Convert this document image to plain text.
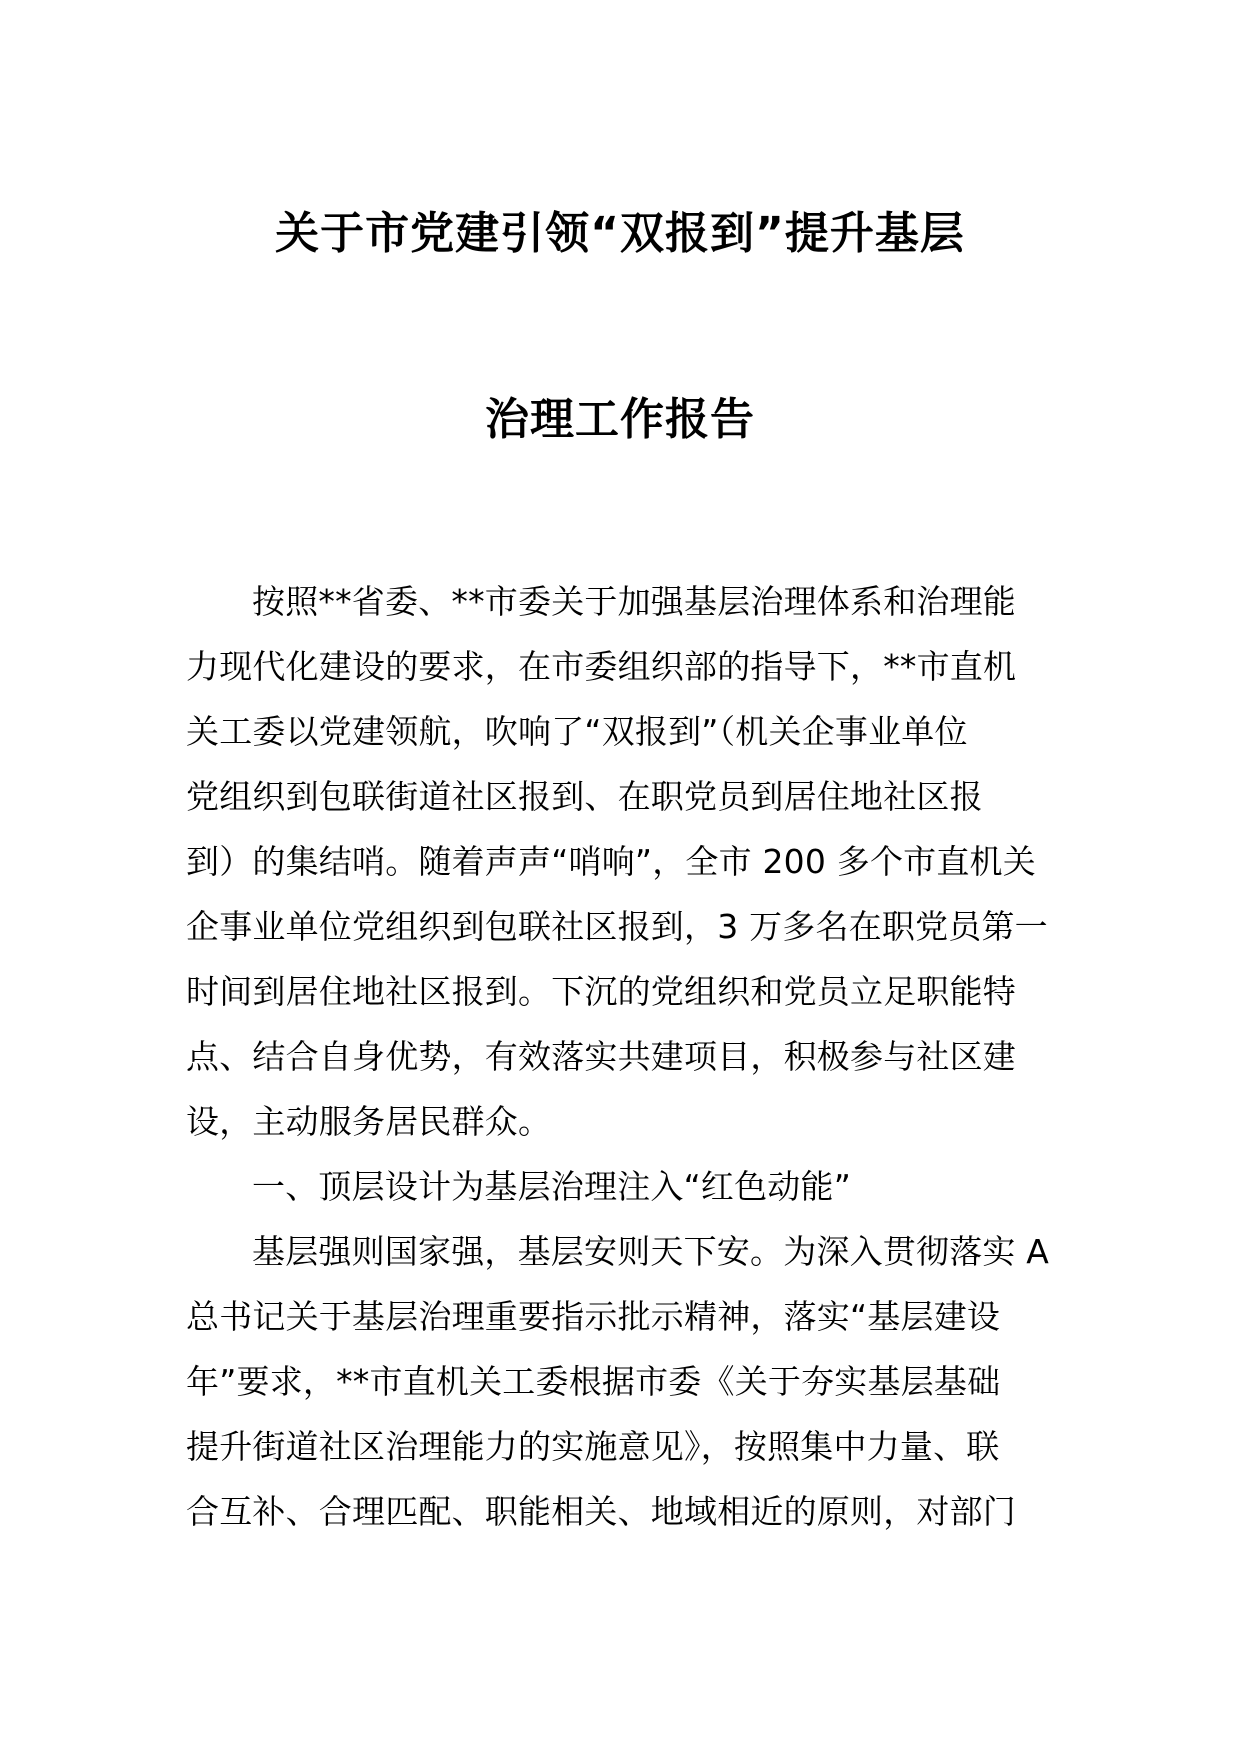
关于市党建引领“双报到”提升基层
治理工作报告
按照**省委、**市委关于加强基层治理体系和治理能
力现代化建设的要求，在市委组织部的指导下，**市直机
关工委以党建领航，吹响了“双报到”（机关企事业单位
党组织到包联街道社区报到、在职党员到居住地社区报
到）的集结哨。随着声声“哨响”，全市 200 多个市直机关
企事业单位党组织到包联社区报到，3 万多名在职党员第一
时间到居住地社区报到。下沉的党组织和党员立足职能特
点、结合自身优势，有效落实共建项目，积极参与社区建
设，主动服务居民群众。
一、顶层设计为基层治理注入“红色动能”
基层强则国家强，基层安则天下安。为深入贯彻落实 A
总书记关于基层治理重要指示批示精神，落实“基层建设
年”要求，**市直机关工委根据市委《关于夯实基层基础
提升街道社区治理能力的实施意见》，按照集中力量、联
合互补、合理匹配、职能相关、地域相近的原则，对部门
